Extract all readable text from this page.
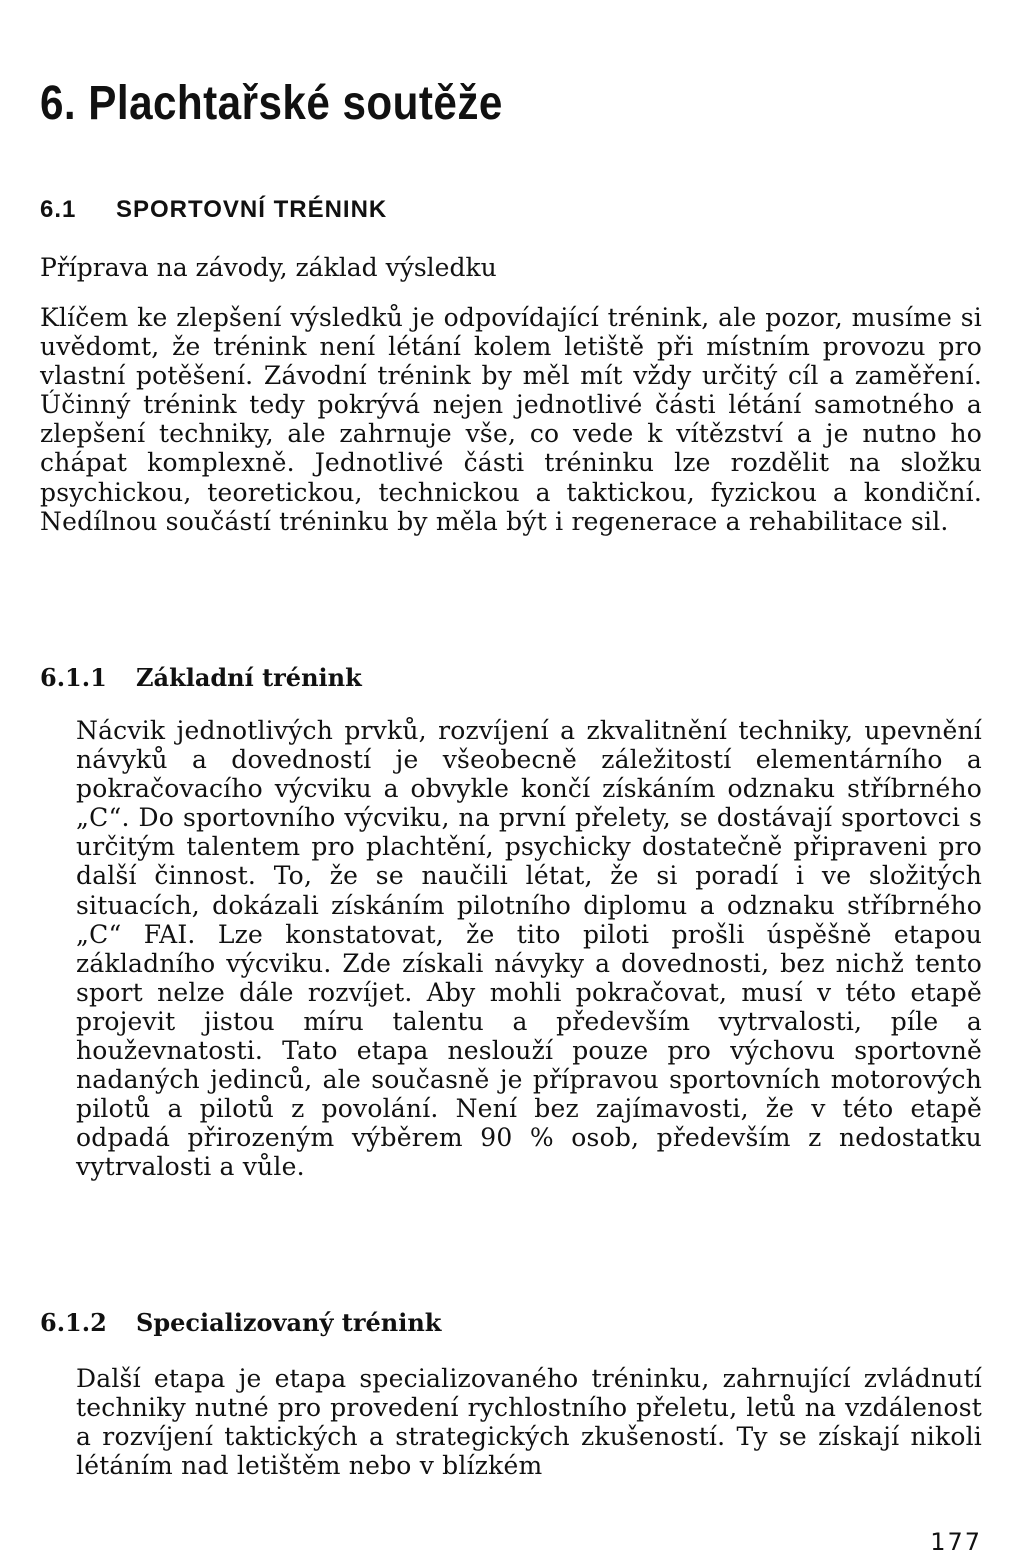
6. Plachtařské soutěže
6.1 SPORTOVNÍ TRÉNINK
Příprava na závody, základ výsledku

Klíčem ke zlepšení výsledků je odpovídající trénink, ale pozor, musíme si uvědomt, že trénink není létání kolem letiště při místním provozu pro vlastní potěšení. Závodní trénink by měl mít vždy určitý cíl a zaměření. Účinný trénink tedy pokrývá nejen jednotlivé části létání samotného a zlepšení techniky, ale zahrnuje vše, co vede k vítězství a je nutno ho chápat komplexně. Jednotlivé části tréninku lze rozdělit na složku psychickou, teoretickou, technickou a taktickou, fyzickou a kondiční. Nedílnou součástí tréninku by měla být i regenerace a rehabilitace sil.

6.1.1 Základní trénink

Nácvik jednotlivých prvků, rozvíjení a zkvalitnění techniky, upevnění návyků a dovedností je všeobecně záležitostí elementárního a pokračovacího výcviku a obvykle končí získáním odznaku stříbrného „C“. Do sportovního výcviku, na první přelety, se dostávají sportovci s určitým talentem pro plachtění, psychicky dostatečně připraveni pro další činnost. To, že se naučili létat, že si poradí i ve složitých situacích, dokázali získáním pilotního diplomu a odznaku stříbrného „C“ FAI. Lze konstatovat, že tito piloti prošli úspěšně etapou základního výcviku. Zde získali návyky a dovednosti, bez nichž tento sport nelze dále rozvíjet. Aby mohli pokračovat, musí v této etapě projevit jistou míru talentu a především vytrvalosti, píle a houževnatosti. Tato etapa neslouží pouze pro výchovu sportovně nadaných jedinců, ale současně je přípravou sportovních motorových pilotů a pilotů z povolání. Není bez zajímavosti, že v této etapě odpadá přirozeným výběrem 90 % osob, především z nedostatku vytrvalosti a vůle.

6.1.2 Specializovaný trénink

Další etapa je etapa specializovaného tréninku, zahrnující zvládnutí techniky nutné pro provedení rychlostního přeletu, letů na vzdálenost a rozvíjení taktických a strategických zkušeností. Ty se získají nikoli létáním nad letištěm nebo v blízkém

177
